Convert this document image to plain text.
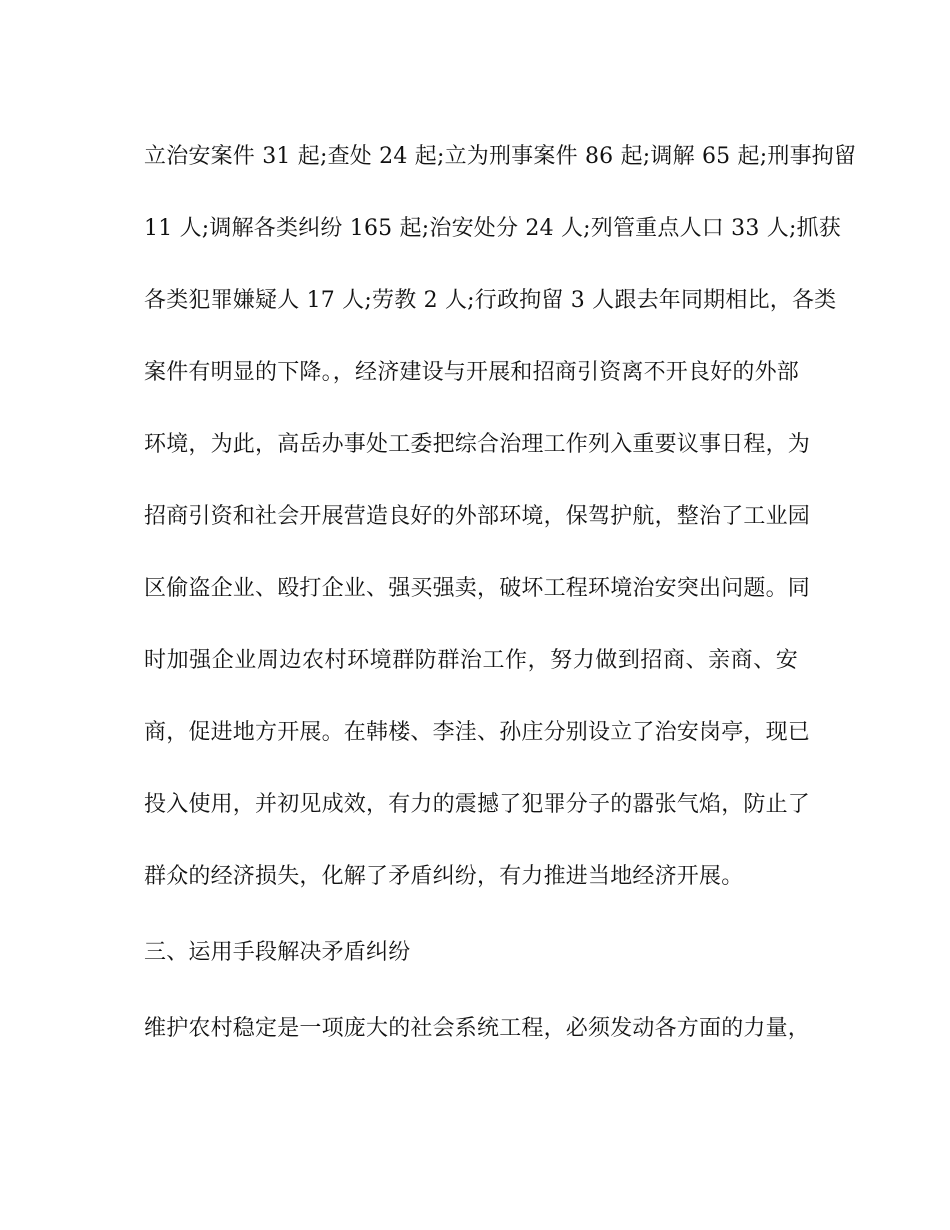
立治安案件 31 起;查处 24 起;立为刑事案件 86 起;调解 65 起;刑事拘留
11 人;调解各类纠纷 165 起;治安处分 24 人;列管重点人口 33 人;抓获
各类犯罪嫌疑人 17 人;劳教 2 人;行政拘留 3 人跟去年同期相比，各类
案件有明显的下降。，经济建设与开展和招商引资离不开良好的外部
环境，为此，高岳办事处工委把综合治理工作列入重要议事日程，为
招商引资和社会开展营造良好的外部环境，保驾护航，整治了工业园
区偷盗企业、殴打企业、强买强卖，破坏工程环境治安突出问题。同
时加强企业周边农村环境群防群治工作，努力做到招商、亲商、安
商，促进地方开展。在韩楼、李洼、孙庄分别设立了治安岗亭，现已
投入使用，并初见成效，有力的震撼了犯罪分子的嚣张气焰，防止了
群众的经济损失，化解了矛盾纠纷，有力推进当地经济开展。
三、运用手段解决矛盾纠纷
维护农村稳定是一项庞大的社会系统工程，必须发动各方面的力量，
